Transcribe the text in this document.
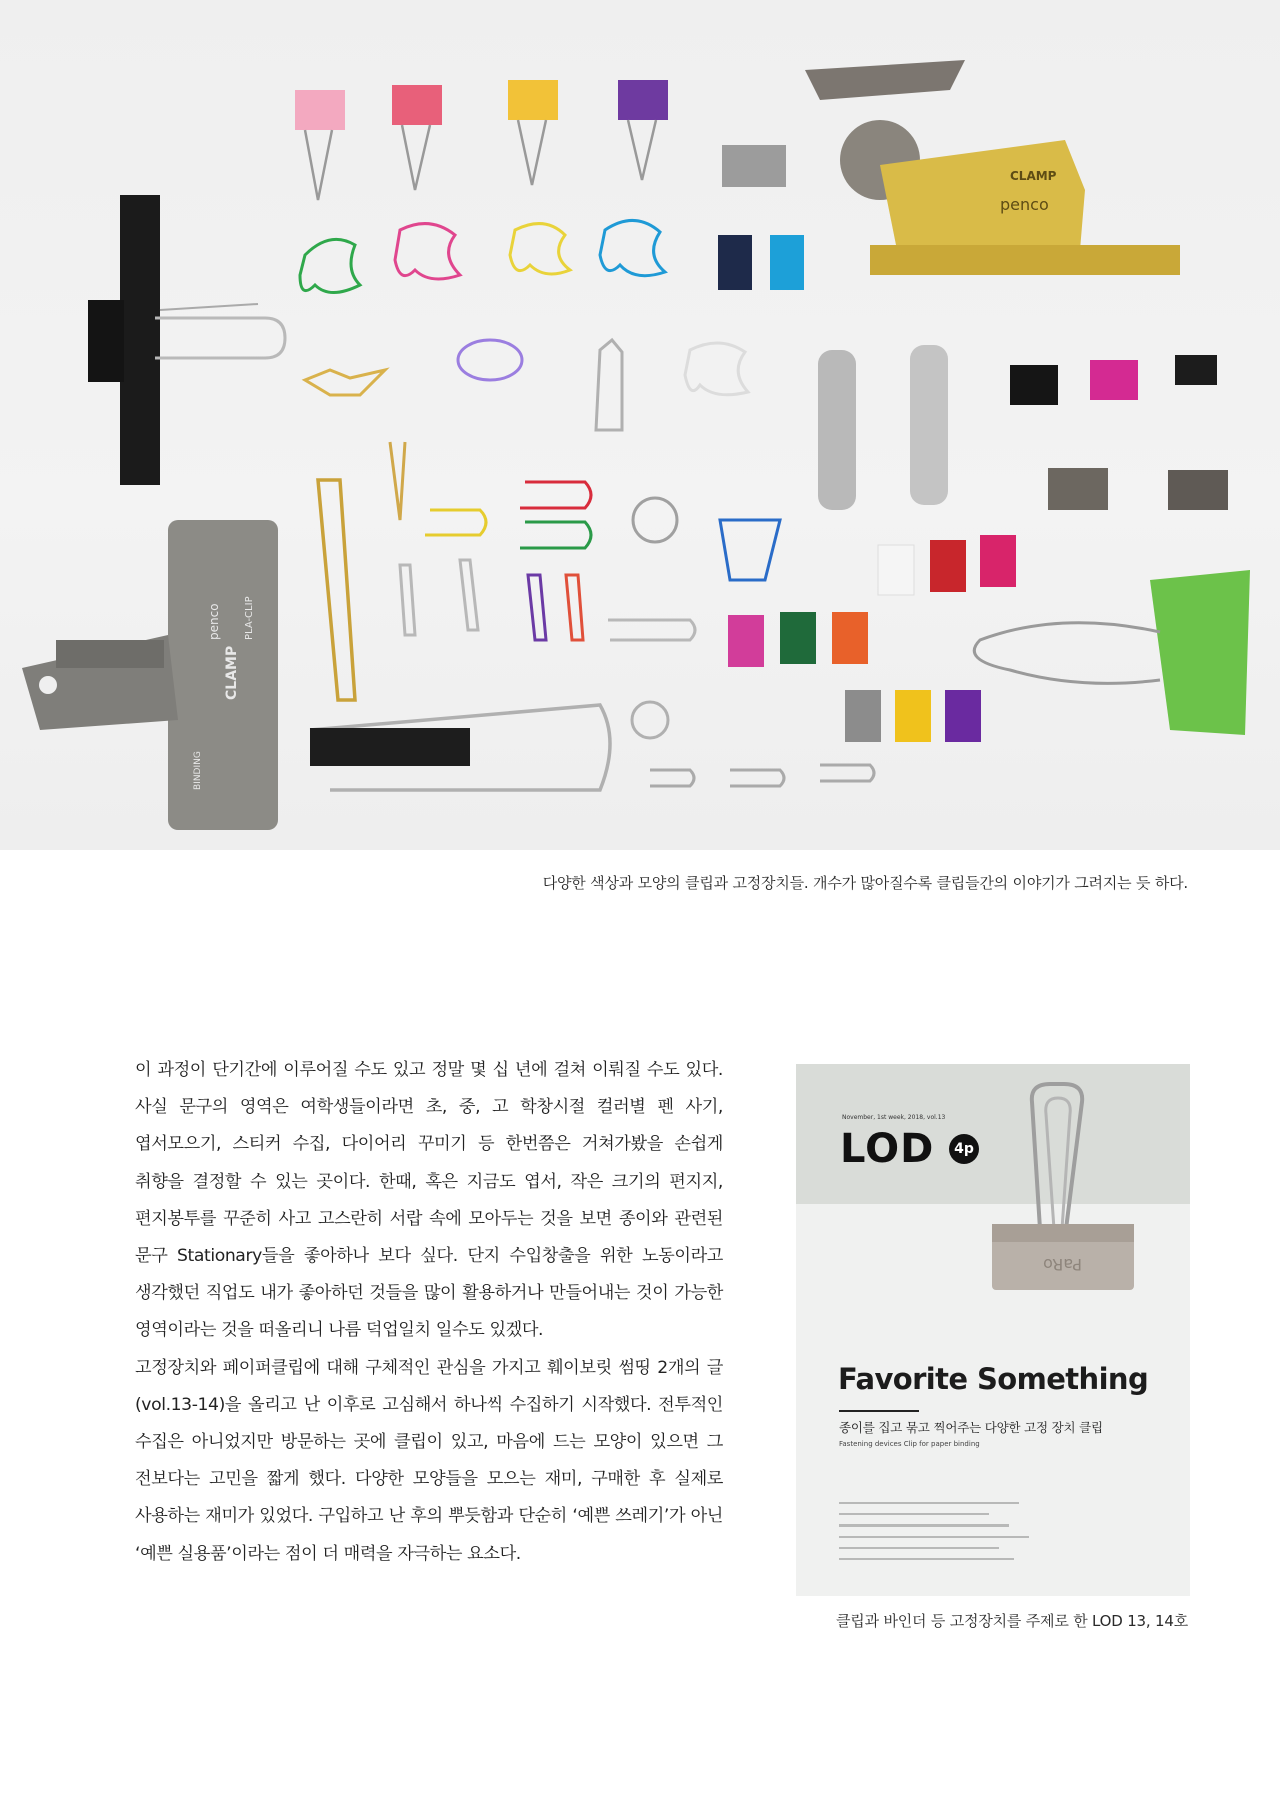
penco
CLAMP
PLA-CLIP
BINDING
penco
CLAMP
다양한 색상과 모양의 클립과 고정장치들. 개수가 많아질수록 클립들간의 이야기가 그려지는 듯 하다.

이 과정이 단기간에 이루어질 수도 있고 정말 몇 십 년에 걸쳐 이뤄질 수도 있다. 사실 문구의 영역은 여학생들이라면 초, 중, 고 학창시절 컬러별 펜 사기, 엽서모으기, 스티커 수집, 다이어리 꾸미기 등 한번쯤은 거쳐가봤을 손쉽게 취향을 결정할 수 있는 곳이다. 한때, 혹은 지금도 엽서, 작은 크기의 편지지, 편지봉투를 꾸준히 사고 고스란히 서랍 속에 모아두는 것을 보면 종이와 관련된 문구 Stationary들을 좋아하나 보다 싶다. 단지 수입창출을 위한 노동이라고 생각했던 직업도 내가 좋아하던 것들을 많이 활용하거나 만들어내는 것이 가능한 영역이라는 것을 떠올리니 나름 덕업일치 일수도 있겠다.

고정장치와 페이퍼클립에 대해 구체적인 관심을 가지고 훼이보릿 썸띵 2개의 글(vol.13-14)을 올리고 난 이후로 고심해서 하나씩 수집하기 시작했다. 전투적인 수집은 아니었지만 방문하는 곳에 클립이 있고, 마음에 드는 모양이 있으면 그 전보다는 고민을 짧게 했다. 다양한 모양들을 모으는 재미, 구매한 후 실제로 사용하는 재미가 있었다. 구입하고 난 후의 뿌듯함과 단순히 ‘예쁜 쓰레기’가 아닌 ‘예쁜 실용품’이라는 점이 더 매력을 자극하는 요소다.

PaRo
November, 1st week, 2018, vol.13
LOD	4p
Favorite Something
종이를 집고 묶고 찍어주는 다양한 고정 장치 클립
Fastening devices Clip for paper binding
클립과 바인더 등 고정장치를 주제로 한 LOD 13, 14호
